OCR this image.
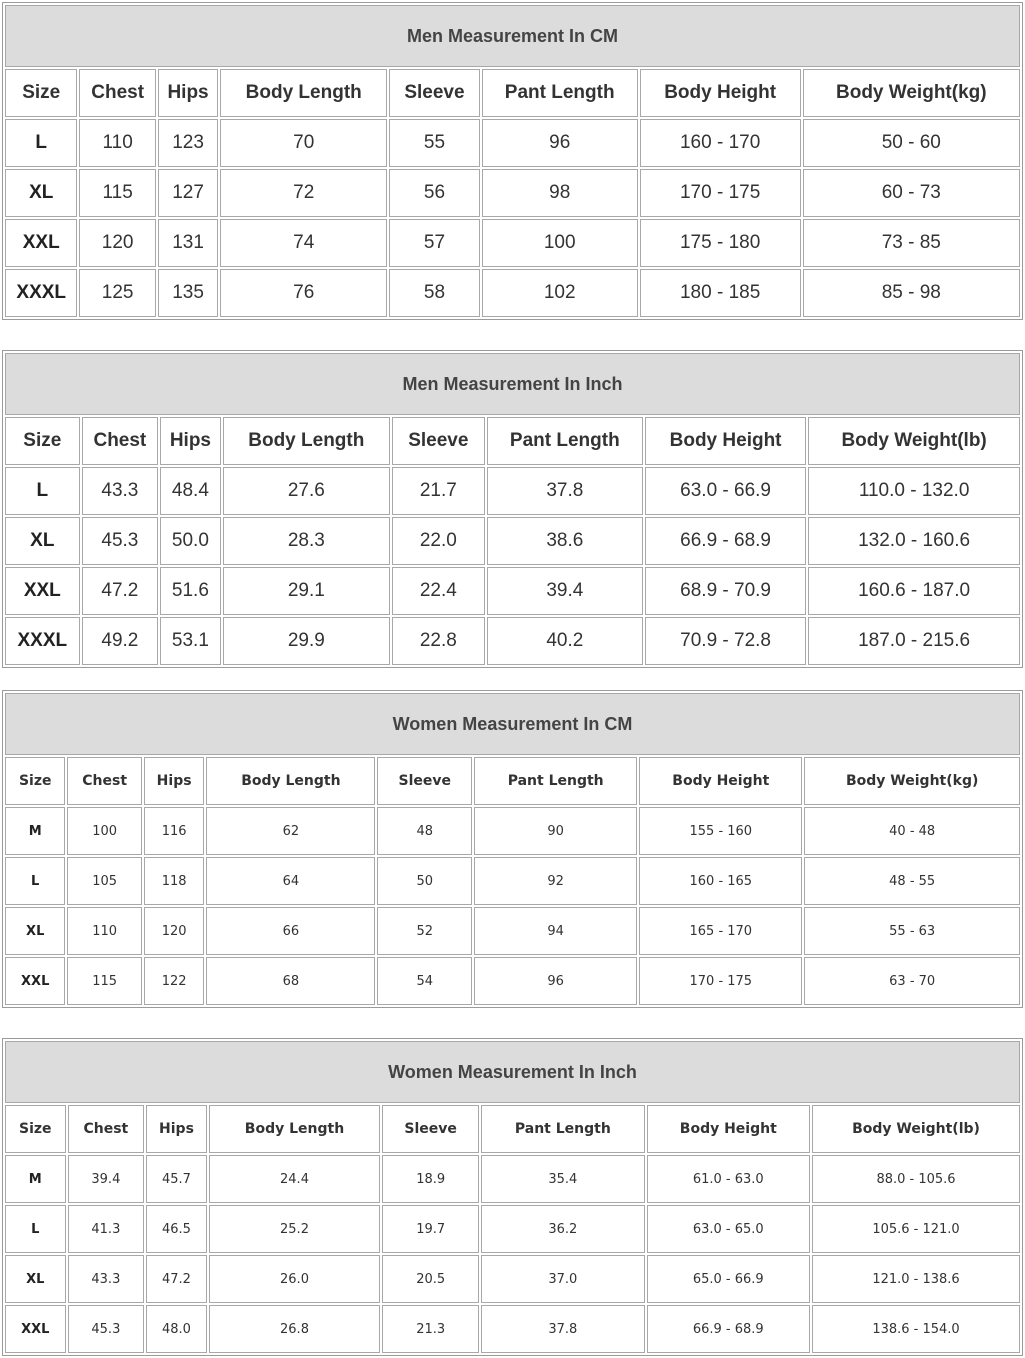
Men Measurement In CM							
Size	Chest	Hips	Body Length	Sleeve	Pant Length	Body Height	Body Weight(kg)
L	110	123	70	55	96	160 - 170	50 - 60
XL	115	127	72	56	98	170 - 175	60 - 73
XXL	120	131	74	57	100	175 - 180	73 - 85
XXXL	125	135	76	58	102	180 - 185	85 - 98
Men Measurement In Inch							
Size	Chest	Hips	Body Length	Sleeve	Pant Length	Body Height	Body Weight(lb)
L	43.3	48.4	27.6	21.7	37.8	63.0 - 66.9	110.0 - 132.0
XL	45.3	50.0	28.3	22.0	38.6	66.9 - 68.9	132.0 - 160.6
XXL	47.2	51.6	29.1	22.4	39.4	68.9 - 70.9	160.6 - 187.0
XXXL	49.2	53.1	29.9	22.8	40.2	70.9 - 72.8	187.0 - 215.6
Women Measurement In CM							
Size	Chest	Hips	Body Length	Sleeve	Pant Length	Body Height	Body Weight(kg)
M	100	116	62	48	90	155 - 160	40 - 48
L	105	118	64	50	92	160 - 165	48 - 55
XL	110	120	66	52	94	165 - 170	55 - 63
XXL	115	122	68	54	96	170 - 175	63 - 70
Women Measurement In Inch							
Size	Chest	Hips	Body Length	Sleeve	Pant Length	Body Height	Body Weight(lb)
M	39.4	45.7	24.4	18.9	35.4	61.0 - 63.0	88.0 - 105.6
L	41.3	46.5	25.2	19.7	36.2	63.0 - 65.0	105.6 - 121.0
XL	43.3	47.2	26.0	20.5	37.0	65.0 - 66.9	121.0 - 138.6
XXL	45.3	48.0	26.8	21.3	37.8	66.9 - 68.9	138.6 - 154.0
